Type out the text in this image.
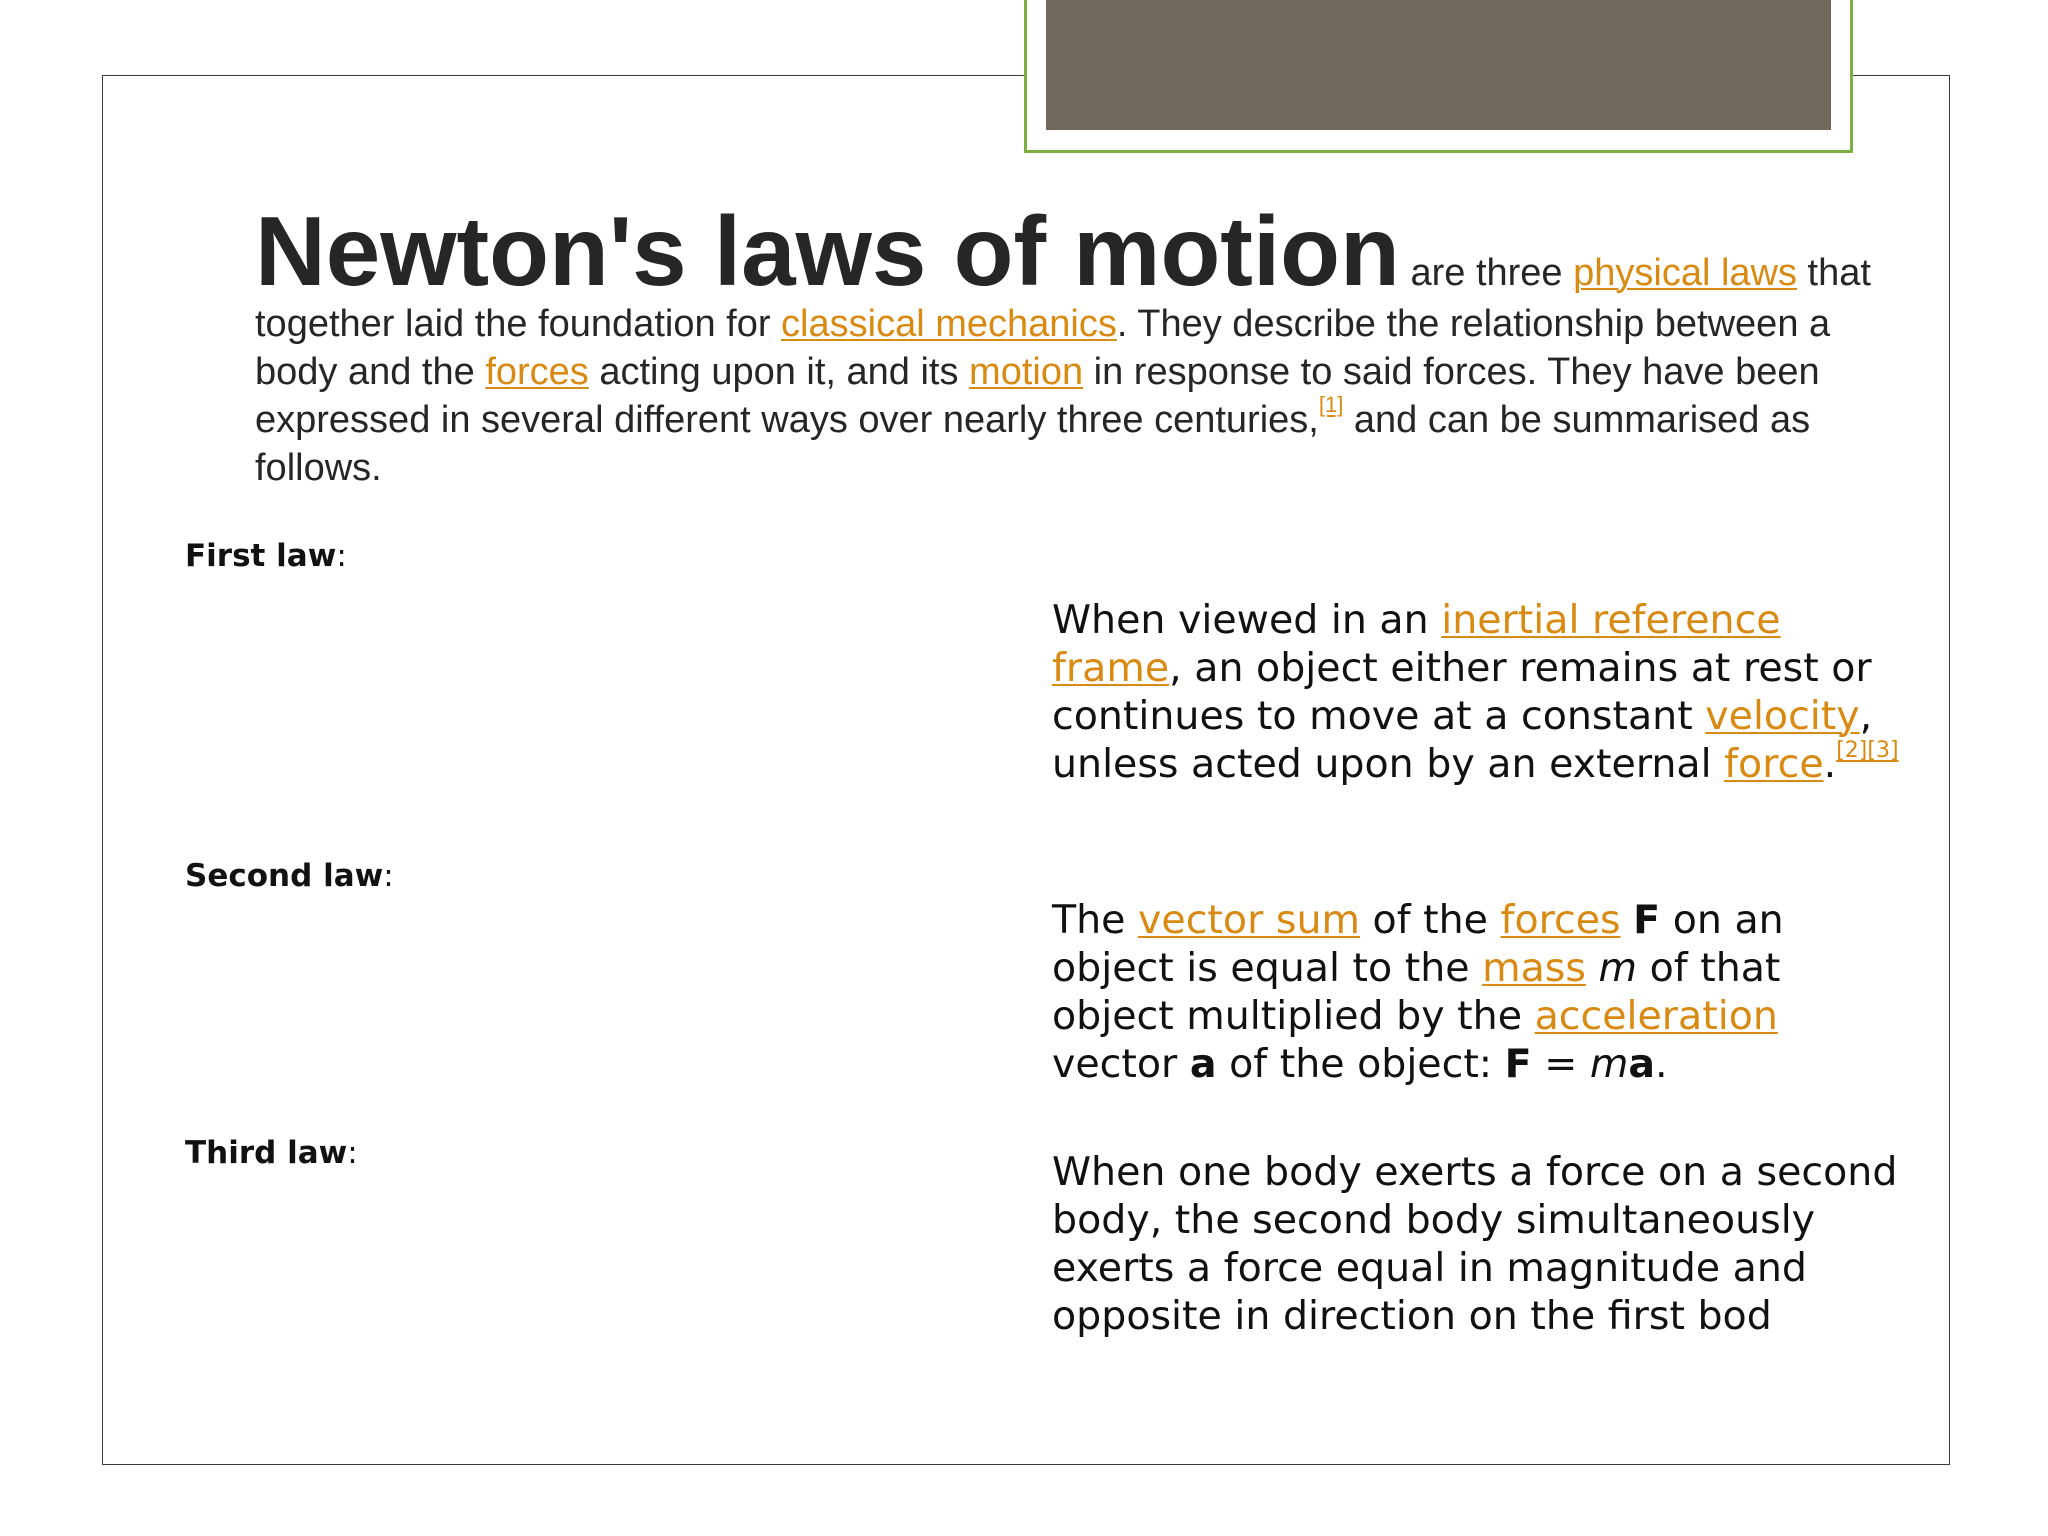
Newton's laws of motion are three physical laws that
together laid the foundation for classical mechanics. They describe the relationship between a body and the forces acting upon it, and its motion in response to said forces. They have been expressed in several different ways over nearly three centuries,[1] and can be summarised as follows.

First law:

When viewed in an inertial reference frame, an object either remains at rest or continues to move at a constant velocity, unless acted upon by an external force.[2][3]

Second law:

The vector sum of the forces F on an object is equal to the mass m of that object multiplied by the acceleration vector a of the object: F = ma.

Third law:	When one body exerts a force on a second body, the second body simultaneously exerts a force equal in magnitude and opposite in direction on the first bod
